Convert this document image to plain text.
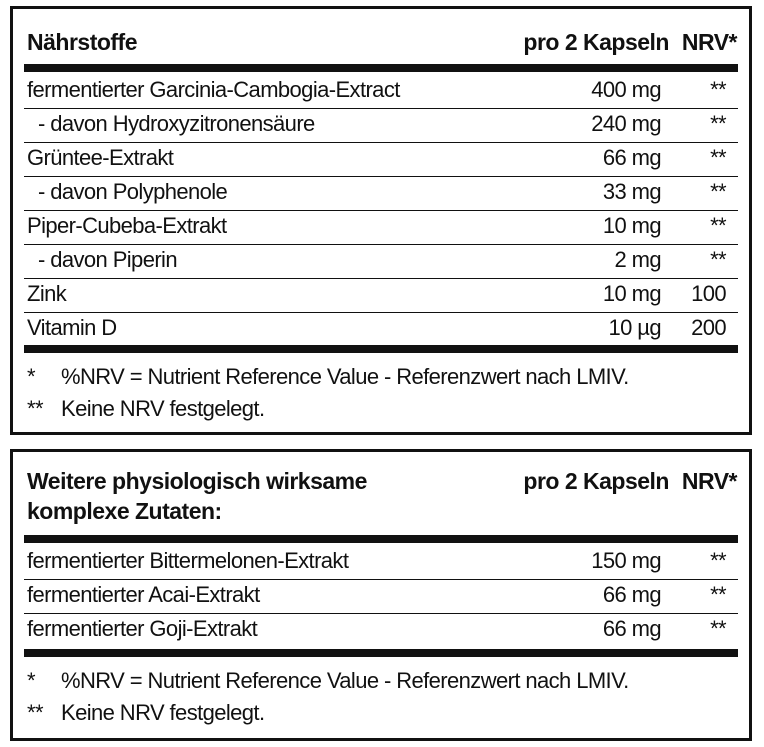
Nährstoffe	pro 2 Kapseln NRV*
fermentierter Garcinia-Cambogia-Extract	400 mg **
- davon Hydroxyzitronensäure	240 mg **
Grüntee-Extrakt	66 mg **
- davon Polyphenole	33 mg **
Piper-Cubeba-Extrakt	10 mg **
- davon Piperin	2 mg **
Zink	10 mg 100
Vitamin D	10 µg 200
* %NRV = Nutrient Reference Value - Referenzwert nach LMIV.
** Keine NRV festgelegt.
Weitere physiologisch wirksame
komplexe Zutaten:
pro 2 Kapseln NRV*
fermentierter Bittermelonen-Extrakt	150 mg **
fermentierter Acai-Extrakt	66 mg **
fermentierter Goji-Extrakt	66 mg **
* %NRV = Nutrient Reference Value - Referenzwert nach LMIV.
** Keine NRV festgelegt.
